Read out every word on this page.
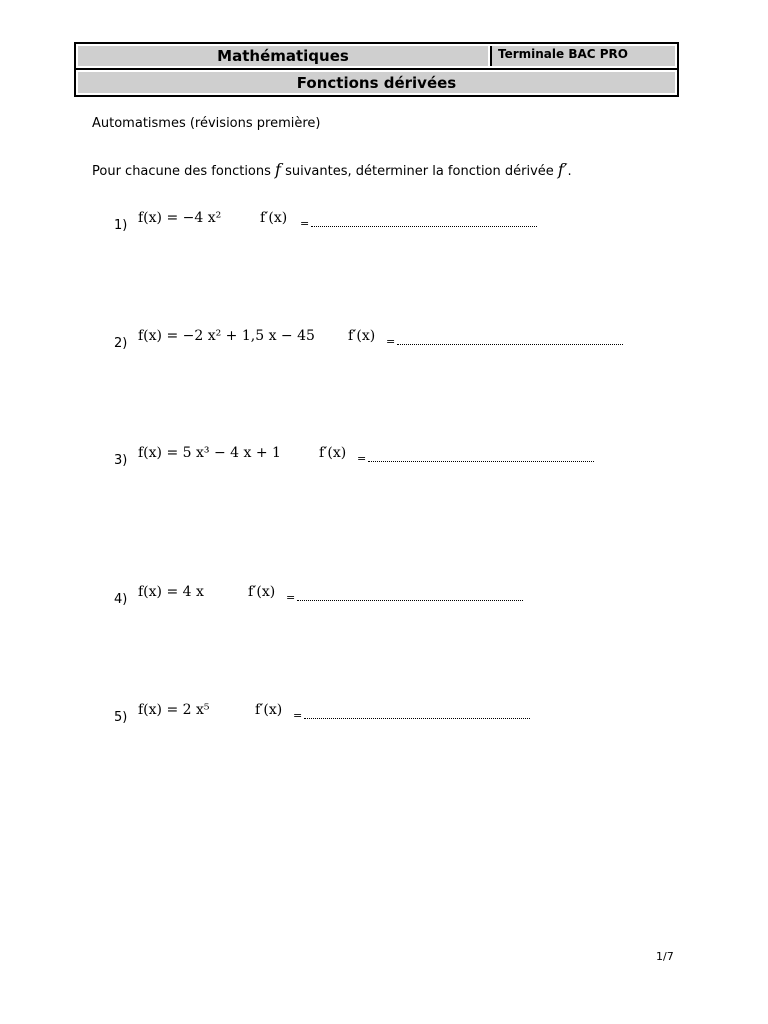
Mathématiques	Terminale BAC PRO
Fonctions dérivées
Automatismes (révisions première)
Pour chacune des fonctions f suivantes, déterminer la fonction dérivée f′.
1) f(x) = −4 x²	f′(x) =
2) f(x) = −2 x² + 1,5 x − 45 f′(x) =
3) f(x) = 5 x³ − 4 x + 1	f′(x) =
4) f(x) = 4 x	f′(x) =
5) f(x) = 2 x⁵	f′(x) =
1/7
